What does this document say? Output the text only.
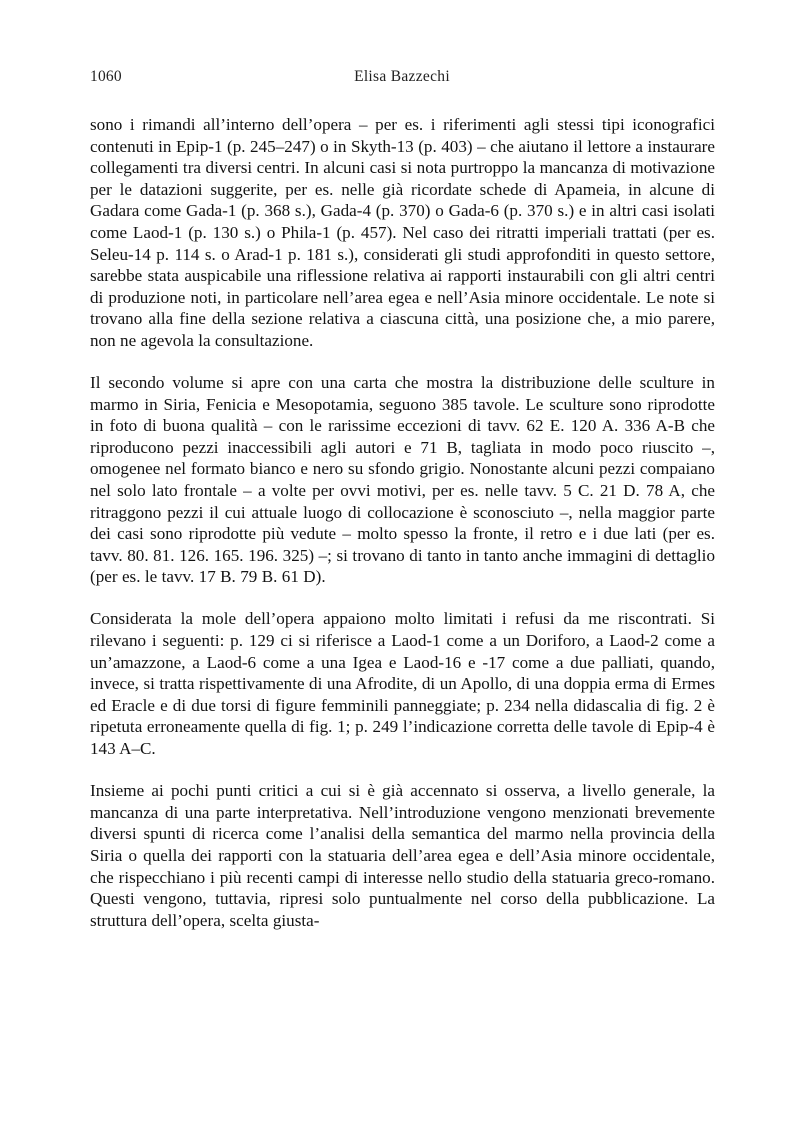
1060	Elisa Bazzechi

sono i rimandi all’interno dell’opera – per es. i riferimenti agli stessi tipi iconografici contenuti in Epip-1 (p. 245–247) o in Skyth-13 (p. 403) – che aiutano il lettore a instaurare collegamenti tra diversi centri. In alcuni casi si nota purtroppo la mancanza di motivazione per le datazioni suggerite, per es. nelle già ricordate schede di Apameia, in alcune di Gadara come Gada-1 (p. 368 s.), Gada-4 (p. 370) o Gada-6 (p. 370 s.) e in altri casi isolati come Laod-1 (p. 130 s.) o Phila-1 (p. 457). Nel caso dei ritratti imperiali trattati (per es. Seleu-14 p. 114 s. o Arad-1 p. 181 s.), considerati gli studi approfonditi in questo settore, sarebbe stata auspicabile una riflessione relativa ai rapporti instaurabili con gli altri centri di produzione noti, in particolare nell’area egea e nell’Asia minore occidentale. Le note si trovano alla fine della sezione relativa a ciascuna città, una posizione che, a mio parere, non ne agevola la consultazione.

Il secondo volume si apre con una carta che mostra la distribuzione delle sculture in marmo in Siria, Fenicia e Mesopotamia, seguono 385 tavole. Le sculture sono riprodotte in foto di buona qualità – con le rarissime eccezioni di tavv. 62 E. 120 A. 336 A-B che riproducono pezzi inaccessibili agli autori e 71 B, tagliata in modo poco riuscito –, omogenee nel formato bianco e nero su sfondo grigio. Nonostante alcuni pezzi compaiano nel solo lato frontale – a volte per ovvi motivi, per es. nelle tavv. 5 C. 21 D. 78 A, che ritraggono pezzi il cui attuale luogo di collocazione è sconosciuto –, nella maggior parte dei casi sono riprodotte più vedute – molto spesso la fronte, il retro e i due lati (per es. tavv. 80. 81. 126. 165. 196. 325) –; si trovano di tanto in tanto anche immagini di dettaglio (per es. le tavv. 17 B. 79 B. 61 D).

Considerata la mole dell’opera appaiono molto limitati i refusi da me riscontrati. Si rilevano i seguenti: p. 129 ci si riferisce a Laod-1 come a un Doriforo, a Laod-2 come a un’amazzone, a Laod-6 come a una Igea e Laod-16 e -17 come a due palliati, quando, invece, si tratta rispettivamente di una Afrodite, di un Apollo, di una doppia erma di Ermes ed Eracle e di due torsi di figure femminili panneggiate; p. 234 nella didascalia di fig. 2 è ripetuta erroneamente quella di fig. 1; p. 249 l’indicazione corretta delle tavole di Epip-4 è 143 A–C.

Insieme ai pochi punti critici a cui si è già accennato si osserva, a livello generale, la mancanza di una parte interpretativa. Nell’introduzione vengono menzionati brevemente diversi spunti di ricerca come l’analisi della semantica del marmo nella provincia della Siria o quella dei rapporti con la statuaria dell’area egea e dell’Asia minore occidentale, che rispecchiano i più recenti campi di interesse nello studio della statuaria greco-romano. Questi vengono, tuttavia, ripresi solo puntualmente nel corso della pubblicazione. La struttura dell’opera, scelta giusta-
